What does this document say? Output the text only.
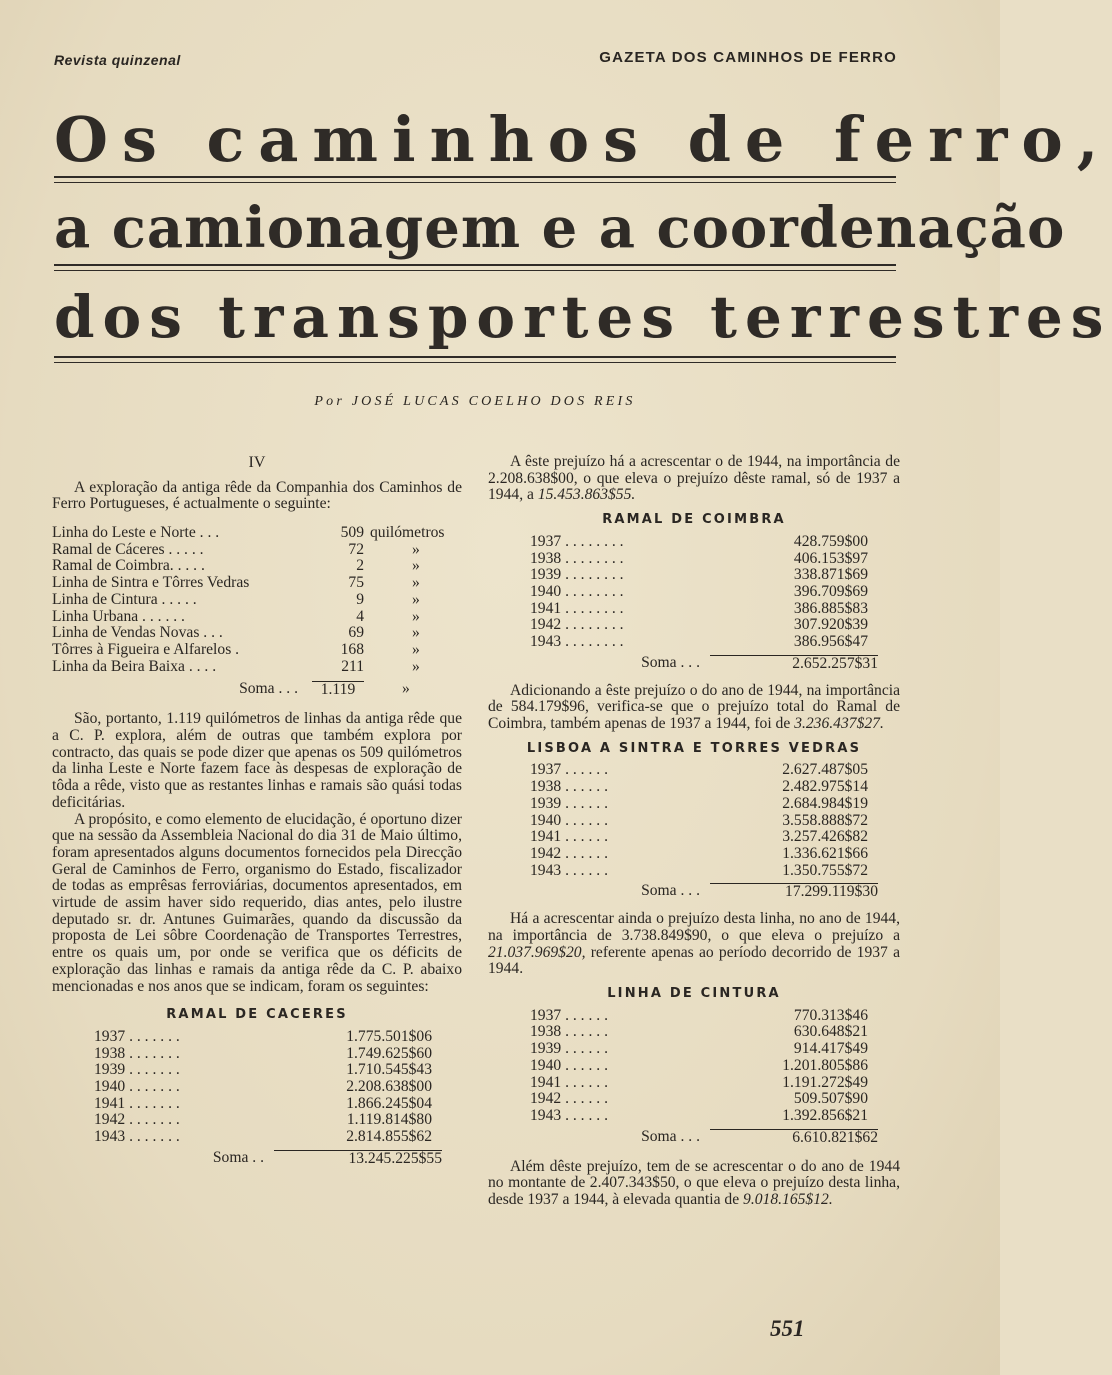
Revista quinzenal	GAZETA DOS CAMINHOS DE FERRO
Os caminhos de ferro,
a camionagem e a coordenação
dos transportes terrestres
Por JOSÉ LUCAS COELHO DOS REIS
IV

A exploração da antiga rêde da Companhia dos Caminhos de Ferro Portugueses, é actualmente o seguinte:

Linha do Leste e Norte . . .	509 quilómetros
Ramal de Cáceres . . . . .	72	»
Ramal de Coimbra. . . . .	2	»
Linha de Sintra e Tôrres Vedras	75	»
Linha de Cintura . . . . .	9	»
Linha Urbana . . . . . .	4	»
Linha de Vendas Novas . . .	69	»
Tôrres à Figueira e Alfarelos .	168	»
Linha da Beira Baixa . . . .	211	»
Soma . . .	1.119	»

São, portanto, 1.119 quilómetros de linhas da antiga rêde que a C. P. explora, além de outras que também explora por contracto, das quais se pode dizer que apenas os 509 quilómetros da linha Leste e Norte fazem face às despesas de exploração de tôda a rêde, visto que as restantes linhas e ramais são quási todas deficitárias.

A propósito, e como elemento de elucidação, é oportuno dizer que na sessão da Assembleia Nacional do dia 31 de Maio último, foram apresentados alguns documentos fornecidos pela Direcção Geral de Caminhos de Ferro, organismo do Estado, fiscalizador de todas as emprêsas ferroviárias, documentos apresentados, em virtude de assim haver sido requerido, dias antes, pelo ilustre deputado sr. dr. Antunes Guimarães, quando da discussão da proposta de Lei sôbre Coordenação de Transportes Terrestres, entre os quais um, por onde se verifica que os déficits de exploração das linhas e ramais da antiga rêde da C. P. abaixo mencionadas e nos anos que se indicam, foram os seguintes:

RAMAL DE CACERES
1937 . . . . . . .	1.775.501$06
1938 . . . . . . .	1.749.625$60
1939 . . . . . . .	1.710.545$43
1940 . . . . . . .	2.208.638$00
1941 . . . . . . .	1.866.245$04
1942 . . . . . . .	1.119.814$80
1943 . . . . . . .	2.814.855$62
Soma . .	13.245.225$55

A êste prejuízo há a acrescentar o de 1944, na importância de 2.208.638$00, o que eleva o prejuízo dêste ramal, só de 1937 a 1944, a 15.453.863$55.

RAMAL DE COIMBRA
1937 . . . . . . . .	428.759$00
1938 . . . . . . . .	406.153$97
1939 . . . . . . . .	338.871$69
1940 . . . . . . . .	396.709$69
1941 . . . . . . . .	386.885$83
1942 . . . . . . . .	307.920$39
1943 . . . . . . . .	386.956$47
Soma . . .	2.652.257$31

Adicionando a êste prejuízo o do ano de 1944, na importância de 584.179$96, verifica-se que o prejuízo total do Ramal de Coimbra, também apenas de 1937 a 1944, foi de 3.236.437$27.

LISBOA A SINTRA E TORRES VEDRAS
1937 . . . . . .	2.627.487$05
1938 . . . . . .	2.482.975$14
1939 . . . . . .	2.684.984$19
1940 . . . . . .	3.558.888$72
1941 . . . . . .	3.257.426$82
1942 . . . . . .	1.336.621$66
1943 . . . . . .	1.350.755$72
Soma . . .	17.299.119$30

Há a acrescentar ainda o prejuízo desta linha, no ano de 1944, na importância de 3.738.849$90, o que eleva o prejuízo a 21.037.969$20, referente apenas ao período decorrido de 1937 a 1944.

LINHA DE CINTURA
1937 . . . . . .	770.313$46
1938 . . . . . .	630.648$21
1939 . . . . . .	914.417$49
1940 . . . . . .	1.201.805$86
1941 . . . . . .	1.191.272$49
1942 . . . . . .	509.507$90
1943 . . . . . .	1.392.856$21
Soma . . .	6.610.821$62

Além dêste prejuízo, tem de se acrescentar o do ano de 1944 no montante de 2.407.343$50, o que eleva o prejuízo desta linha, desde 1937 a 1944, à elevada quantia de 9.018.165$12.

551
